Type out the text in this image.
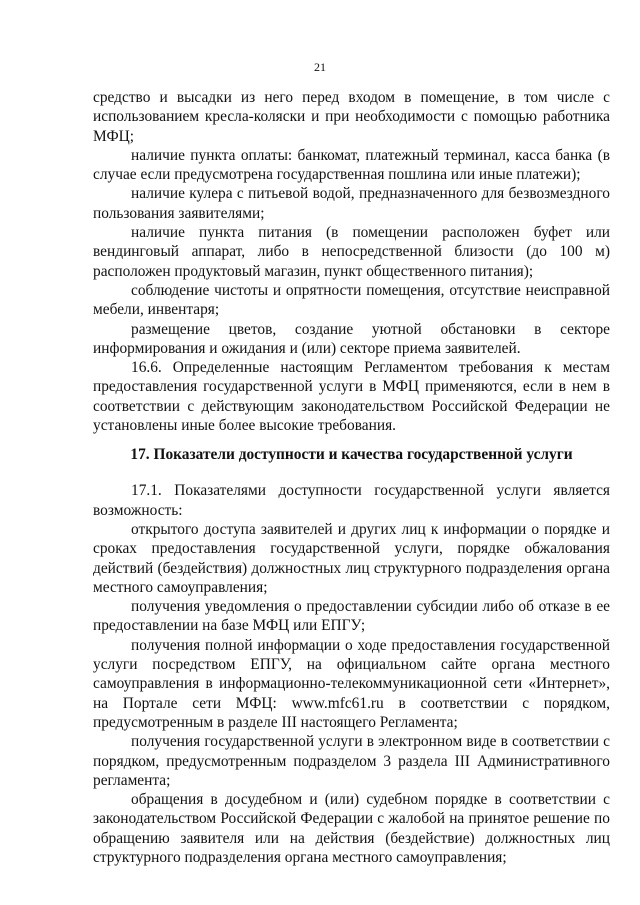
21

средство и высадки из него перед входом в помещение, в том числе с использованием кресла-коляски и при необходимости с помощью работника МФЦ;

наличие пункта оплаты: банкомат, платежный терминал, касса банка (в случае если предусмотрена государственная пошлина или иные платежи);

наличие кулера с питьевой водой, предназначенного для безвозмездного пользования заявителями;

наличие пункта питания (в помещении расположен буфет или вендинговый аппарат, либо в непосредственной близости (до 100 м) расположен продуктовый магазин, пункт общественного питания);

соблюдение чистоты и опрятности помещения, отсутствие неисправной мебели, инвентаря;

размещение цветов, создание уютной обстановки в секторе информирования и ожидания и (или) секторе приема заявителей.

16.6. Определенные настоящим Регламентом требования к местам предоставления государственной услуги в МФЦ применяются, если в нем в соответствии с действующим законодательством Российской Федерации не установлены иные более высокие требования.

17. Показатели доступности и качества государственной услуги

17.1. Показателями доступности государственной услуги является возможность:

открытого доступа заявителей и других лиц к информации о порядке и сроках предоставления государственной услуги, порядке обжалования действий (бездействия) должностных лиц структурного подразделения органа местного самоуправления;

получения уведомления о предоставлении субсидии либо об отказе в ее предоставлении на базе МФЦ или ЕПГУ;

получения полной информации о ходе предоставления государственной услуги посредством ЕПГУ, на официальном сайте органа местного самоуправления в информационно-телекоммуникационной сети «Интернет», на Портале сети МФЦ: www.mfc61.ru в соответствии с порядком, предусмотренным в разделе III настоящего Регламента;

получения государственной услуги в электронном виде в соответствии с порядком, предусмотренным подразделом 3 раздела III Административного регламента;

обращения в досудебном и (или) судебном порядке в соответствии с законодательством Российской Федерации с жалобой на принятое решение по обращению заявителя или на действия (бездействие) должностных лиц структурного подразделения органа местного самоуправления;
